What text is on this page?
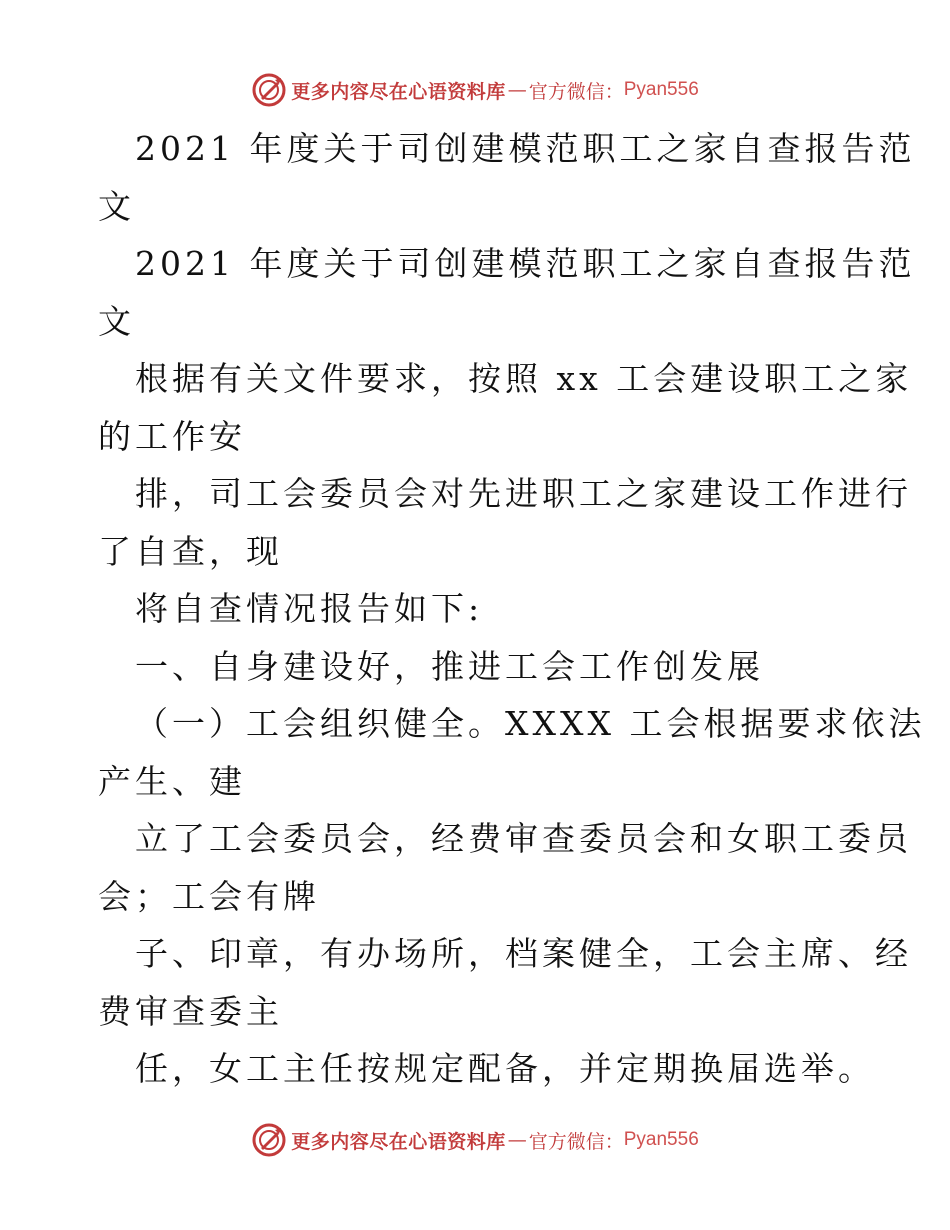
更多内容尽在心语资料库 — 官方微信： Pyan556
2021 年度关于司创建模范职工之家自查报告范
文
2021 年度关于司创建模范职工之家自查报告范
文
根据有关文件要求，按照 xx 工会建设职工之家
的工作安
排，司工会委员会对先进职工之家建设工作进行
了自查，现
将自查情况报告如下:
一、自身建设好，推进工会工作创发展
（一）工会组织健全。XXXX 工会根据要求依法
产生、建
立了工会委员会，经费审查委员会和女职工委员
会；工会有牌
子、印章，有办场所，档案健全，工会主席、经
费审查委主
任，女工主任按规定配备，并定期换届选举。
更多内容尽在心语资料库 — 官方微信： Pyan556
